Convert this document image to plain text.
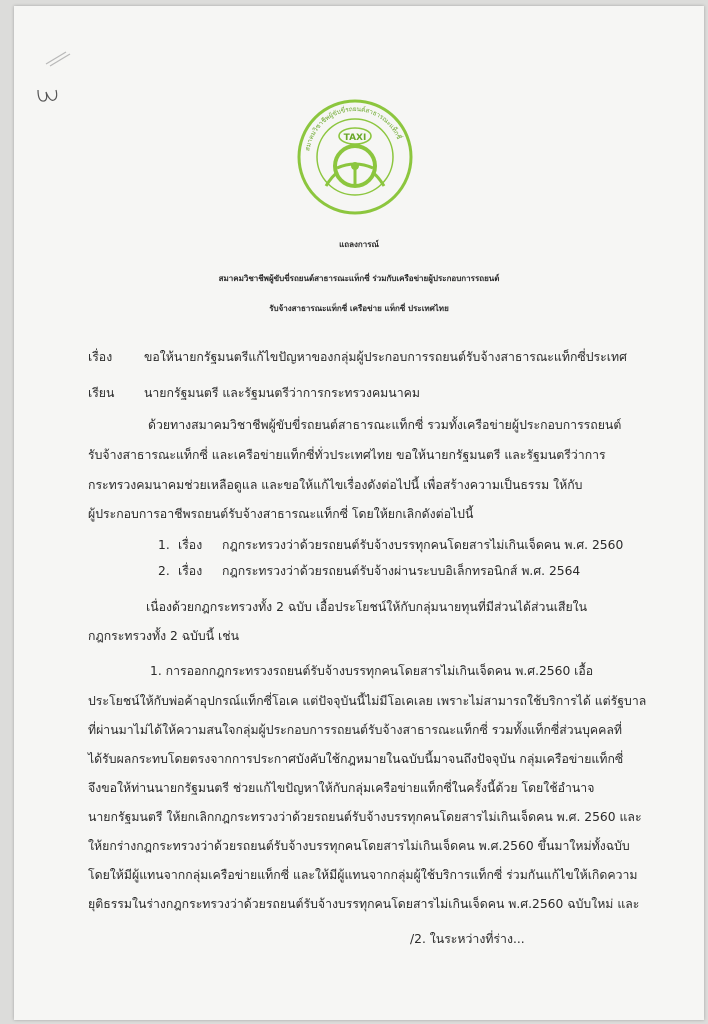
สมาคมวิชาชีพผู้ขับขี่รถยนต์สาธารณะแท็กซี่
TAXI
แถลงการณ์
สมาคมวิชาชีพผู้ขับขี่รถยนต์สาธารณะแท็กซี่ ร่วมกับเครือข่ายผู้ประกอบการรถยนต์
รับจ้างสาธารณะแท็กซี่ เครือข่าย แท็กซี่ ประเทศไทย
เรื่อง	ขอให้นายกรัฐมนตรีแก้ไขปัญหาของกลุ่มผู้ประกอบการรถยนต์รับจ้างสาธารณะแท็กซี่ประเทศ
เรียน นายกรัฐมนตรี และรัฐมนตรีว่าการกระทรวงคมนาคม
ด้วยทางสมาคมวิชาชีพผู้ขับขี่รถยนต์สาธารณะแท็กซี่ รวมทั้งเครือข่ายผู้ประกอบการรถยนต์
รับจ้างสาธารณะแท็กซี่ และเครือข่ายแท็กซี่ทั่วประเทศไทย ขอให้นายกรัฐมนตรี และรัฐมนตรีว่าการ
กระทรวงคมนาคมช่วยเหลือดูแล และขอให้แก้ไขเรื่องดังต่อไปนี้ เพื่อสร้างความเป็นธรรม ให้กับ
ผู้ประกอบการอาชีพรถยนต์รับจ้างสาธารณะแท็กซี่ โดยให้ยกเลิกดังต่อไปนี้
1. เรื่อง กฎกระทรวงว่าด้วยรถยนต์รับจ้างบรรทุกคนโดยสารไม่เกินเจ็ดคน พ.ศ. 2560
2. เรื่อง กฎกระทรวงว่าด้วยรถยนต์รับจ้างผ่านระบบอิเล็กทรอนิกส์ พ.ศ. 2564
เนื่องด้วยกฎกระทรวงทั้ง 2 ฉบับ เอื้อประโยชน์ให้กับกลุ่มนายทุนที่มีส่วนได้ส่วนเสียใน
กฎกระทรวงทั้ง 2 ฉบับนี้ เช่น
1. การออกกฎกระทรวงรถยนต์รับจ้างบรรทุกคนโดยสารไม่เกินเจ็ดคน พ.ศ.2560 เอื้อ
ประโยชน์ให้กับพ่อค้าอุปกรณ์แท็กซี่โอเค แต่ปัจจุบันนี้ไม่มีโอเคเลย เพราะไม่สามารถใช้บริการได้ แต่รัฐบาล
ที่ผ่านมาไม่ได้ให้ความสนใจกลุ่มผู้ประกอบการรถยนต์รับจ้างสาธารณะแท็กซี่ รวมทั้งแท็กซี่ส่วนบุคคลที่
ได้รับผลกระทบโดยตรงจากการประกาศบังคับใช้กฎหมายในฉบับนี้มาจนถึงปัจจุบัน กลุ่มเครือข่ายแท็กซี่
จึงขอให้ท่านนายกรัฐมนตรี ช่วยแก้ไขปัญหาให้กับกลุ่มเครือข่ายแท็กซี่ในครั้งนี้ด้วย โดยใช้อำนาจ
นายกรัฐมนตรี ให้ยกเลิกกฎกระทรวงว่าด้วยรถยนต์รับจ้างบรรทุกคนโดยสารไม่เกินเจ็ดคน พ.ศ. 2560 และ
ให้ยกร่างกฎกระทรวงว่าด้วยรถยนต์รับจ้างบรรทุกคนโดยสารไม่เกินเจ็ดคน พ.ศ.2560 ขึ้นมาใหม่ทั้งฉบับ
โดยให้มีผู้แทนจากกลุ่มเครือข่ายแท็กซี่ และให้มีผู้แทนจากกลุ่มผู้ใช้บริการแท็กซี่ ร่วมกันแก้ไขให้เกิดความ
ยุติธรรมในร่างกฎกระทรวงว่าด้วยรถยนต์รับจ้างบรรทุกคนโดยสารไม่เกินเจ็ดคน พ.ศ.2560 ฉบับใหม่ และ
/2. ในระหว่างที่ร่าง...
